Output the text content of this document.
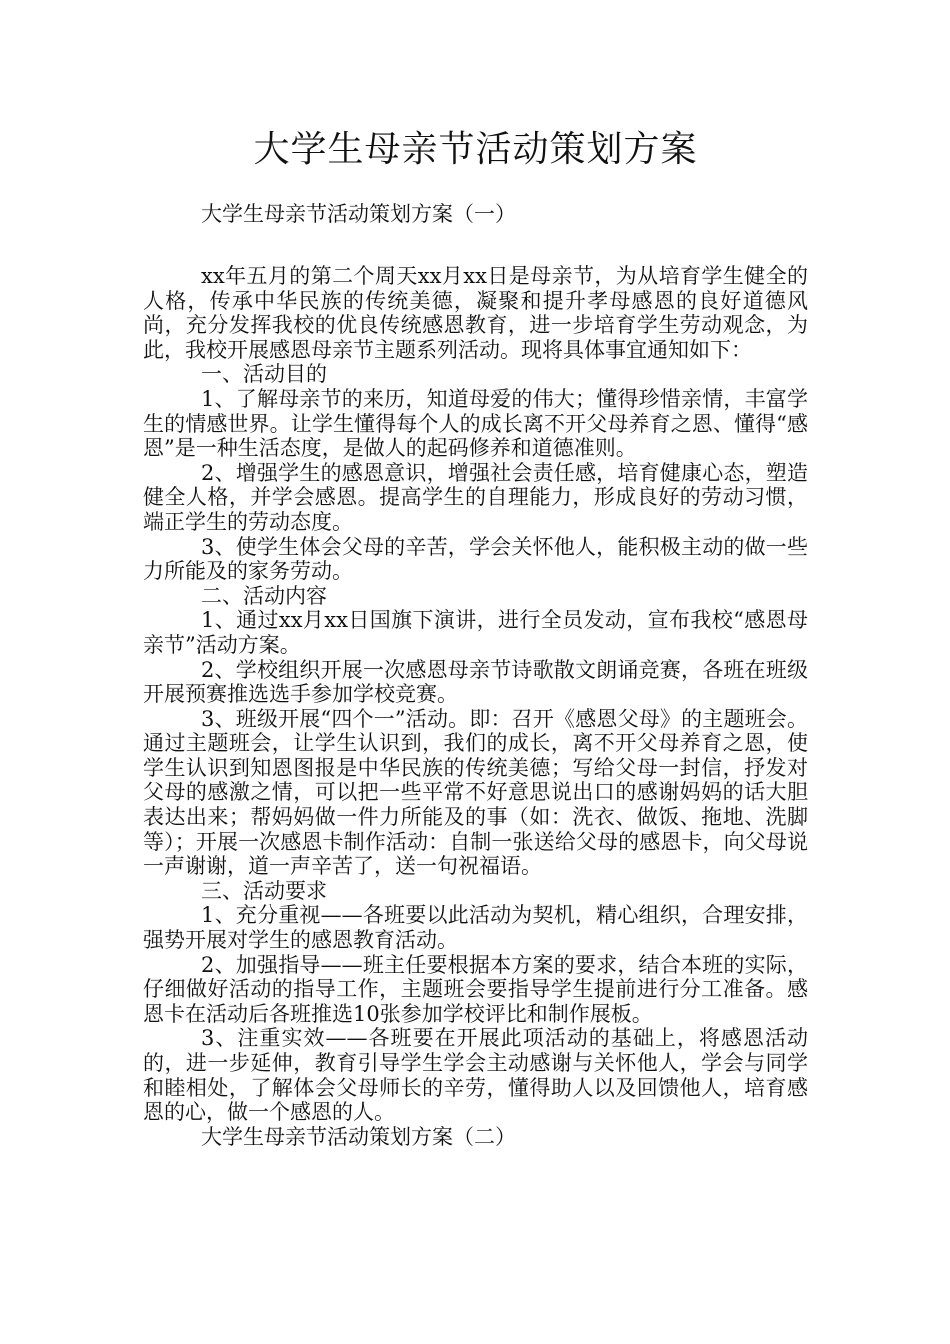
大学生母亲节活动策划方案

大学生母亲节活动策划方案（一）

xx年五月的第二个周天xx月xx日是母亲节，为从培育学生健全的人格，传承中华民族的传统美德，凝聚和提升孝母感恩的良好道德风尚，充分发挥我校的优良传统感恩教育，进一步培育学生劳动观念，为此，我校开展感恩母亲节主题系列活动。现将具体事宜通知如下：

一、活动目的

1、了解母亲节的来历，知道母爱的伟大；懂得珍惜亲情，丰富学生的情感世界。让学生懂得每个人的成长离不开父母养育之恩、懂得“感恩”是一种生活态度，是做人的起码修养和道德准则。

2、增强学生的感恩意识，增强社会责任感，培育健康心态，塑造健全人格，并学会感恩。提高学生的自理能力，形成良好的劳动习惯，端正学生的劳动态度。

3、使学生体会父母的辛苦，学会关怀他人，能积极主动的做一些力所能及的家务劳动。

二、活动内容

1、通过xx月xx日国旗下演讲，进行全员发动，宣布我校“感恩母亲节”活动方案。

2、学校组织开展一次感恩母亲节诗歌散文朗诵竞赛，各班在班级开展预赛推选选手参加学校竞赛。

3、班级开展“四个一”活动。即：召开《感恩父母》的主题班会。通过主题班会，让学生认识到，我们的成长，离不开父母养育之恩，使学生认识到知恩图报是中华民族的传统美德；写给父母一封信，抒发对父母的感激之情，可以把一些平常不好意思说出口的感谢妈妈的话大胆表达出来；帮妈妈做一件力所能及的事（如：洗衣、做饭、拖地、洗脚等）；开展一次感恩卡制作活动：自制一张送给父母的感恩卡，向父母说一声谢谢，道一声辛苦了，送一句祝福语。

三、活动要求

1、充分重视——各班要以此活动为契机，精心组织，合理安排，强势开展对学生的感恩教育活动。

2、加强指导——班主任要根据本方案的要求，结合本班的实际，仔细做好活动的指导工作，主题班会要指导学生提前进行分工准备。感恩卡在活动后各班推选10张参加学校评比和制作展板。

3、注重实效——各班要在开展此项活动的基础上，将感恩活动的，进一步延伸，教育引导学生学会主动感谢与关怀他人，学会与同学和睦相处，了解体会父母师长的辛劳，懂得助人以及回馈他人，培育感恩的心，做一个感恩的人。

大学生母亲节活动策划方案（二）
